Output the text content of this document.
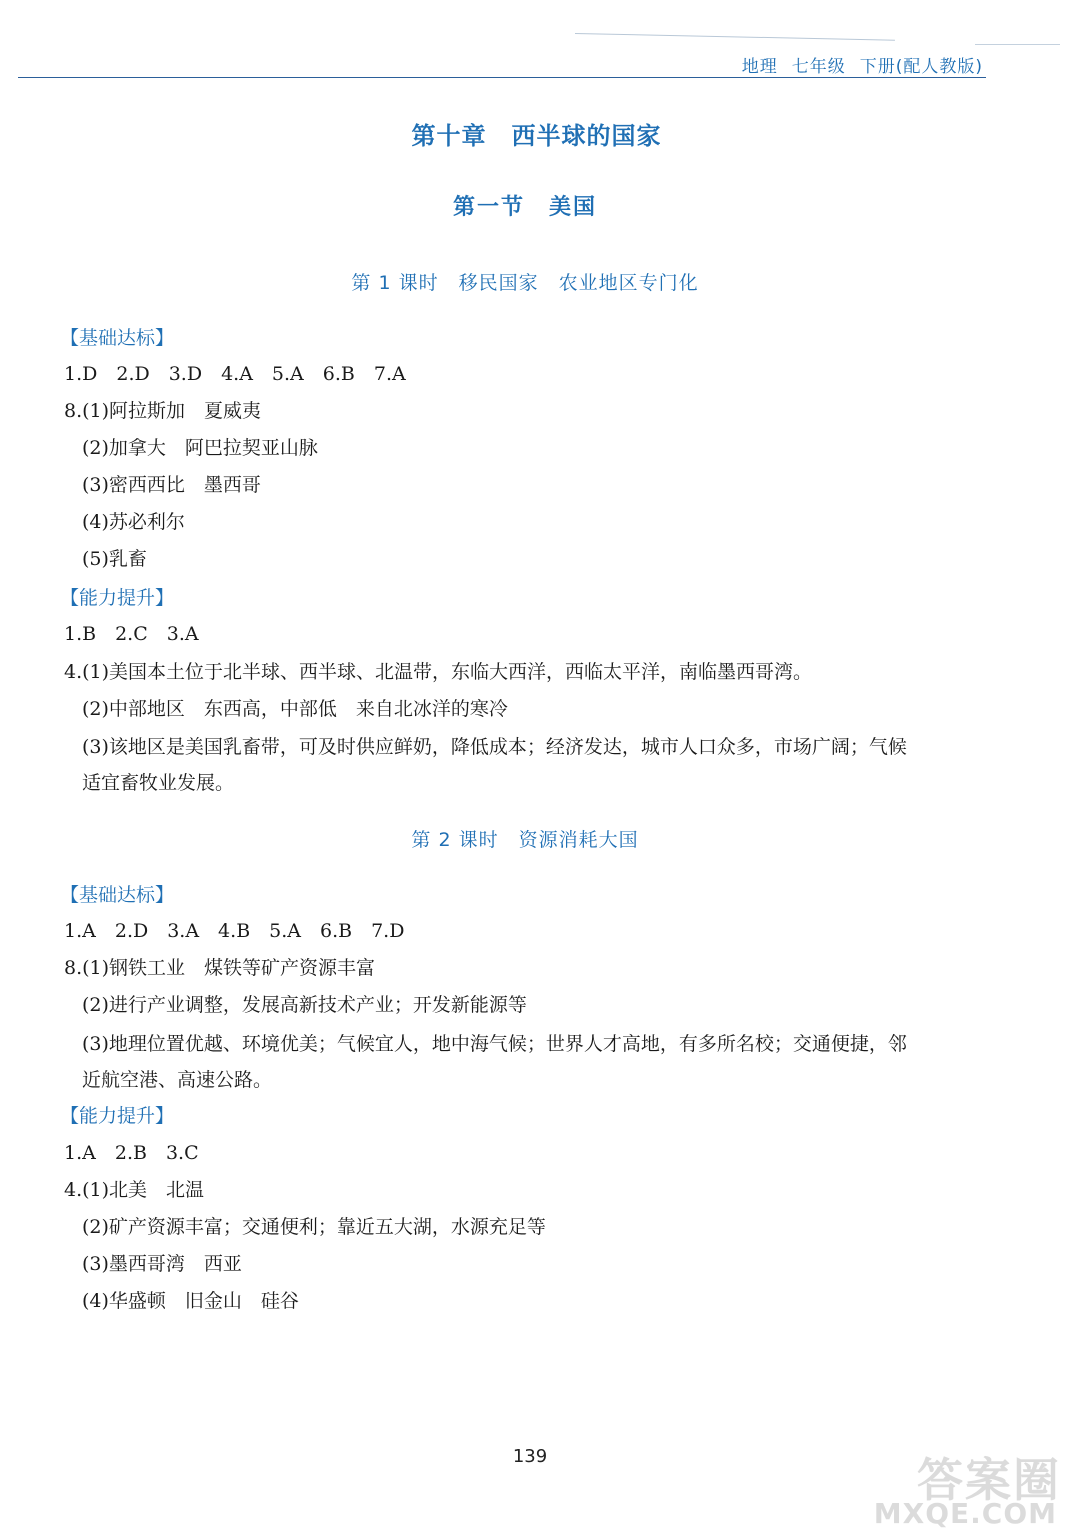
地理 七年级 下册(配人教版)
第十章　西半球的国家
第一节　美国
第 1 课时　移民国家　农业地区专门化
【基础达标】
1.D　2.D　3.D　4.A　5.A　6.B　7.A
8.(1)阿拉斯加　夏威夷
(2)加拿大　阿巴拉契亚山脉
(3)密西西比　墨西哥
(4)苏必利尔
(5)乳畜
【能力提升】
1.B　2.C　3.A
4.(1)美国本土位于北半球、西半球、北温带，东临大西洋，西临太平洋，南临墨西哥湾。
(2)中部地区　东西高，中部低　来自北冰洋的寒冷
(3)该地区是美国乳畜带，可及时供应鲜奶，降低成本；经济发达，城市人口众多，市场广阔；气候
适宜畜牧业发展。
第 2 课时　资源消耗大国
【基础达标】
1.A　2.D　3.A　4.B　5.A　6.B　7.D
8.(1)钢铁工业　煤铁等矿产资源丰富
(2)进行产业调整，发展高新技术产业；开发新能源等
(3)地理位置优越、环境优美；气候宜人，地中海气候；世界人才高地，有多所名校；交通便捷，邻
近航空港、高速公路。
【能力提升】
1.A　2.B　3.C
4.(1)北美　北温
(2)矿产资源丰富；交通便利；靠近五大湖，水源充足等
(3)墨西哥湾　西亚
(4)华盛顿　旧金山　硅谷
139	答案圈
MXQE.COM
